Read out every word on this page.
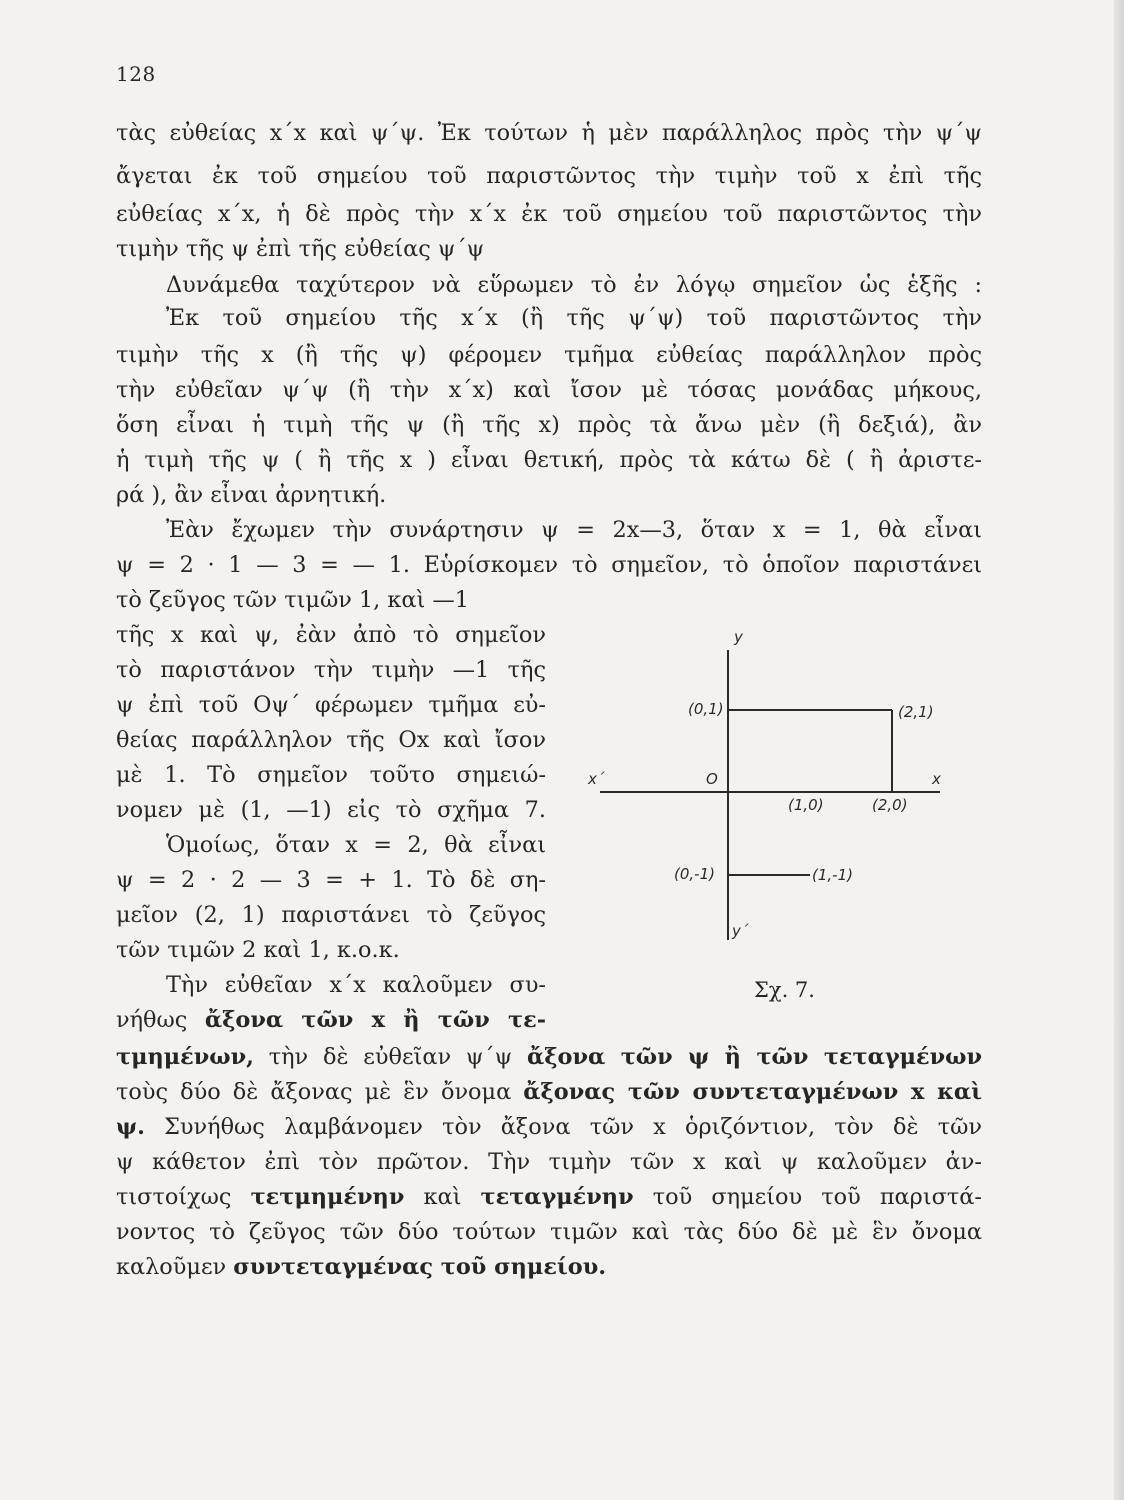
128
τὰς εὐθείας x΄x καὶ ψ΄ψ. Ἐκ τούτων ἡ μὲν παράλληλος πρὸς τὴν ψ΄ψ
ἄγεται ἐκ τοῦ σημείου τοῦ παριστῶντος τὴν τιμὴν τοῦ x ἐπὶ τῆς
εὐθείας x΄x, ἡ δὲ πρὸς τὴν x΄x ἐκ τοῦ σημείου τοῦ παριστῶντος τὴν
τιμὴν τῆς ψ ἐπὶ τῆς εὐθείας ψ΄ψ
Δυνάμεθα ταχύτερον νὰ εὕρωμεν τὸ ἐν λόγῳ σημεῖον ὡς ἑξῆς :
Ἐκ τοῦ σημείου τῆς x΄x (ἢ τῆς ψ΄ψ) τοῦ παριστῶντος τὴν
τιμὴν τῆς x (ἢ τῆς ψ) φέρομεν τμῆμα εὐθείας παράλληλον πρὸς
τὴν εὐθεῖαν ψ΄ψ (ἢ τὴν x΄x) καὶ ἴσον μὲ τόσας μονάδας μήκους,
ὅση εἶναι ἡ τιμὴ τῆς ψ (ἢ τῆς x) πρὸς τὰ ἄνω μὲν (ἢ δεξιά), ἂν
ἡ τιμὴ τῆς ψ ( ἢ τῆς x ) εἶναι θετική, πρὸς τὰ κάτω δὲ ( ἢ ἀριστε-
ρά ), ἂν εἶναι ἀρνητική.
Ἐὰν ἔχωμεν τὴν συνάρτησιν ψ = 2x—3, ὅταν x = 1, θὰ εἶναι
ψ = 2 · 1 — 3 = — 1. Εὑρίσκομεν τὸ σημεῖον, τὸ ὁποῖον παριστάνει
τὸ ζεῦγος τῶν τιμῶν 1, καὶ —1
τῆς x καὶ ψ, ἐὰν ἀπὸ τὸ σημεῖον
τὸ παριστάνον τὴν τιμὴν —1 τῆς
ψ ἐπὶ τοῦ Οψ΄ φέρωμεν τμῆμα εὐ-
θείας παράλληλον τῆς Οx καὶ ἴσον
μὲ 1. Τὸ σημεῖον τοῦτο σημειώ-
νομεν μὲ (1, —1) εἰς τὸ σχῆμα 7.
Ὁμοίως, ὅταν x = 2, θὰ εἶναι
ψ = 2 · 2 — 3 = + 1. Τὸ δὲ ση-
μεῖον (2, 1) παριστάνει τὸ ζεῦγος
τῶν τιμῶν 2 καὶ 1, κ.ο.κ.
Τὴν εὐθεῖαν x΄x καλοῦμεν συ-
νήθως ἄξονα τῶν x ἢ τῶν τε-
τμημένων, τὴν δὲ εὐθεῖαν ψ΄ψ ἄξονα τῶν ψ ἢ τῶν τεταγμένων
τοὺς δύο δὲ ἄξονας μὲ ἓν ὄνομα ἄξονας τῶν συντεταγμένων x καὶ
ψ. Συνήθως λαμβάνομεν τὸν ἄξονα τῶν x ὁριζόντιον, τὸν δὲ τῶν
ψ κάθετον ἐπὶ τὸν πρῶτον. Τὴν τιμὴν τῶν x καὶ ψ καλοῦμεν ἀν-
τιστοίχως τετμημένην καὶ τεταγμένην τοῦ σημείου τοῦ παριστά-
νοντος τὸ ζεῦγος τῶν δύο τούτων τιμῶν καὶ τὰς δύο δὲ μὲ ἓν ὄνομα
καλοῦμεν συντεταγμένας τοῦ σημείου.
y
y΄
x
x΄	O
(0,1)	(2,1)
(1,0)	(2,0)
(0,-1)	(1,-1)
Σχ. 7.
